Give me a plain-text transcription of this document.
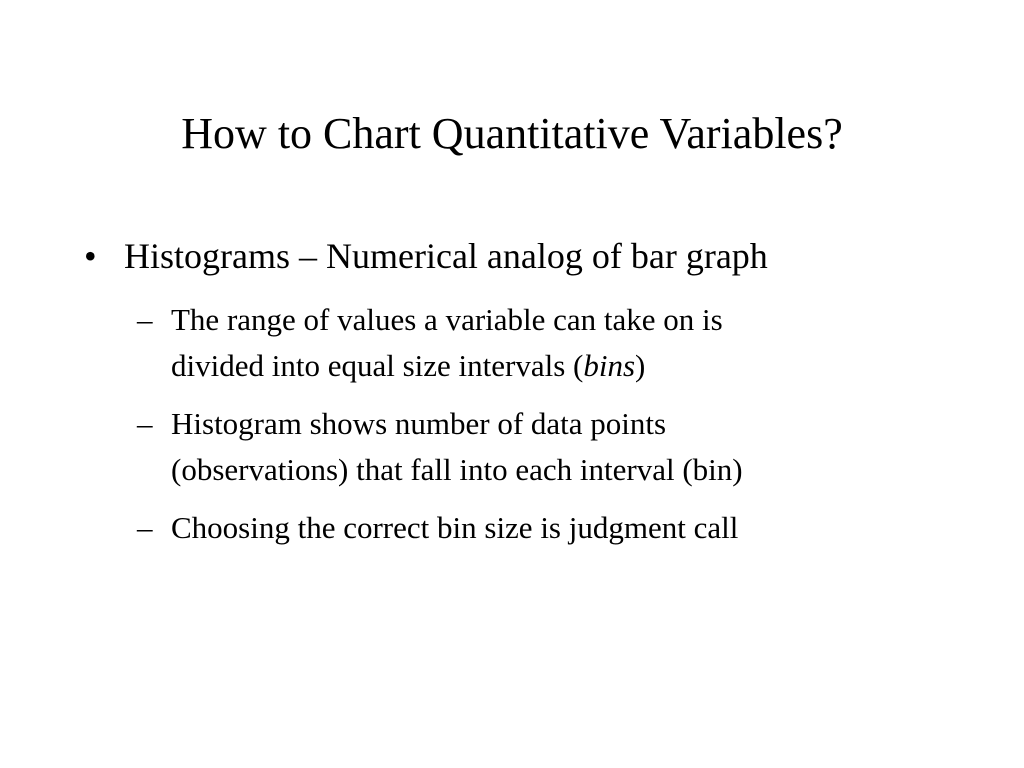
How to Chart Quantitative Variables?
• Histograms – Numerical analog of bar graph
– The range of values a variable can take on is
divided into equal size intervals (bins)
– Histogram shows number of data points
(observations) that fall into each interval (bin)
– Choosing the correct bin size is judgment call
